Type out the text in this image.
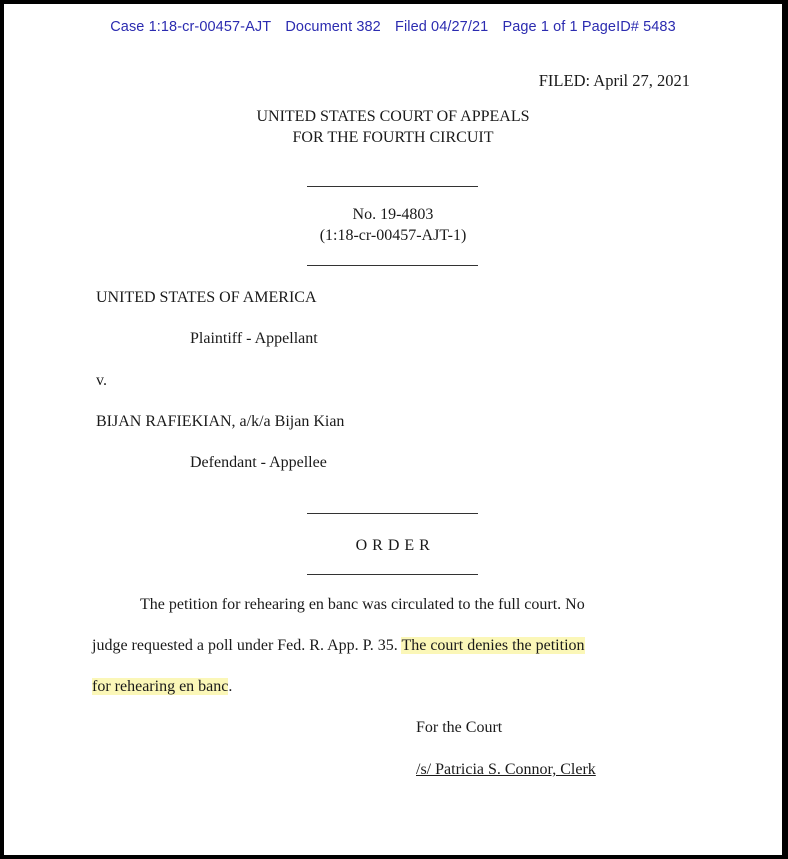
Case 1:18-cr-00457-AJT Document 382 Filed 04/27/21 Page 1 of 1 PageID# 5483
FILED: April 27, 2021
UNITED STATES COURT OF APPEALS
FOR THE FOURTH CIRCUIT
No. 19-4803
(1:18-cr-00457-AJT-1)
UNITED STATES OF AMERICA
Plaintiff - Appellant
v.
BIJAN RAFIEKIAN, a/k/a Bijan Kian
Defendant - Appellee
O R D E R
The petition for rehearing en banc was circulated to the full court. No
judge requested a poll under Fed. R. App. P. 35. The court denies the petition
for rehearing en banc.
For the Court
/s/ Patricia S. Connor, Clerk
